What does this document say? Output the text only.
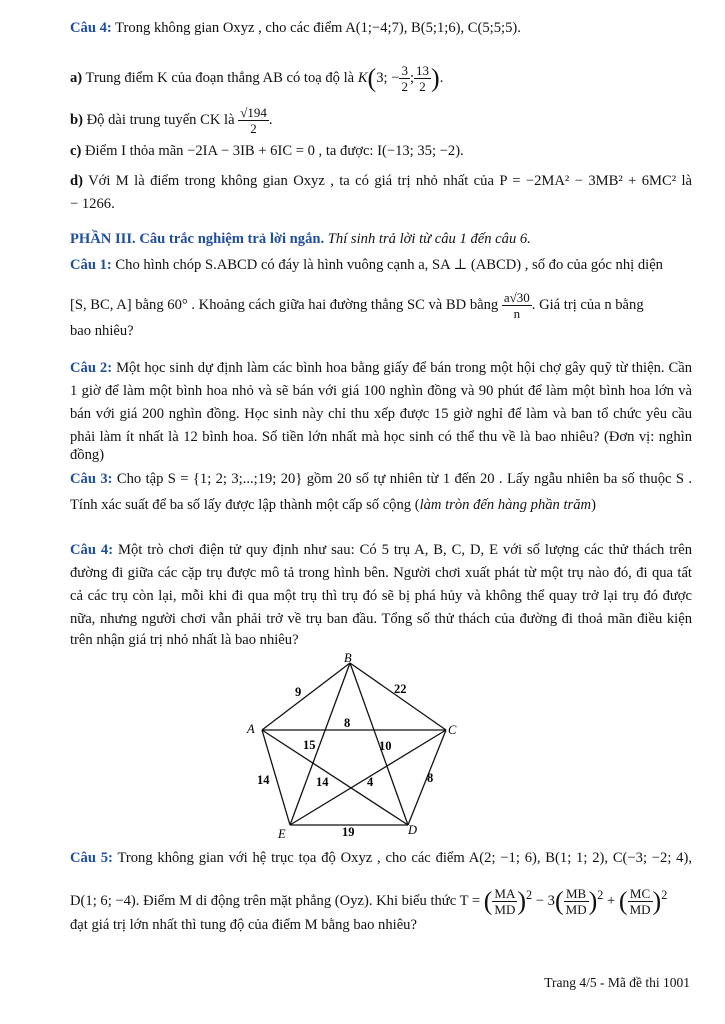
Câu 4: Trong không gian Oxyz , cho các điểm A(1;−4;7), B(5;1;6), C(5;5;5).
a) Trung điểm K của đoạn thẳng AB có toạ độ là K(3; − $\frac{3}{2}$ ; $\frac{13}{2}$ ).
b) Độ dài trung tuyến CK là $\frac{√194}{2}$ .
c) Điểm I thỏa mãn −2IA − 3IB + 6IC = 0 , ta được: I(−13; 35; −2).
d) Với M là điểm trong không gian Oxyz , ta có giá trị nhỏ nhất của P = −2MA² − 3MB² + 6MC² là
− 1266.
PHẦN III. Câu trắc nghiệm trả lời ngắn. Thí sinh trả lời từ câu 1 đến câu 6.
Câu 1: Cho hình chóp S.ABCD có đáy là hình vuông cạnh a, SA ⊥ (ABCD) , số đo của góc nhị diện
[S, BC, A] bằng 60° . Khoảng cách giữa hai đường thẳng SC và BD bằng $\frac{a√30}{n}$ . Giá trị của n bằng
bao nhiêu?
Câu 2: Một học sinh dự định làm các bình hoa bằng giấy để bán trong một hội chợ gây quỹ từ thiện. Cần
1 giờ để làm một bình hoa nhỏ và sẽ bán với giá 100 nghìn đồng và 90 phút để làm một bình hoa lớn và
bán với giá 200 nghìn đồng. Học sinh này chỉ thu xếp được 15 giờ nghỉ để làm và ban tổ chức yêu cầu
phải làm ít nhất là 12 bình hoa. Số tiền lớn nhất mà học sinh có thể thu về là bao nhiêu? (Đơn vị: nghìn
đồng)
Câu 3: Cho tập S = {1; 2; 3;...;19; 20} gồm 20 số tự nhiên từ 1 đến 20 . Lấy ngẫu nhiên ba số thuộc S .
Tính xác suất để ba số lấy được lập thành một cấp số cộng (làm tròn đến hàng phần trăm)
Câu 4: Một trò chơi điện tử quy định như sau: Có 5 trụ A, B, C, D, E với số lượng các thử thách trên
đường đi giữa các cặp trụ được mô tả trong hình bên. Người chơi xuất phát từ một trụ nào đó, đi qua tất
cả các trụ còn lại, mỗi khi đi qua một trụ thì trụ đó sẽ bị phá hủy và không thể quay trở lại trụ đó được
nữa, nhưng người chơi vẫn phải trở về trụ ban đầu. Tổng số thử thách của đường đi thoả mãn điều kiện
trên nhận giá trị nhỏ nhất là bao nhiêu?
B
A	C
E	D
9	22
8
15	10
14	14	4	8
19
Câu 5: Trong không gian với hệ trục tọa độ Oxyz , cho các điểm A(2; −1; 6), B(1; 1; 2), C(−3; −2; 4),
D(1; 6; −4). Điểm M di động trên mặt phẳng (Oyz). Khi biểu thức T = ( $\frac{MA}{MD} )^2 - 3( \frac{MB}{MD} )^2$ + ( $\frac{MC}{MD} )^2$
đạt giá trị lớn nhất thì tung độ của điểm M bằng bao nhiêu?
Trang 4/5 - Mã đề thi 1001
